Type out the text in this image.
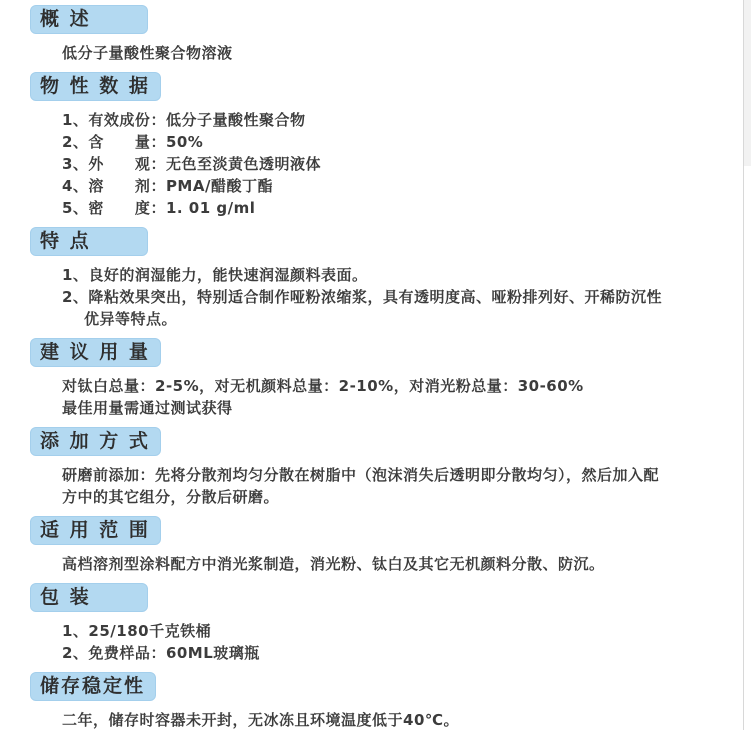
概 述

低分子量酸性聚合物溶液

物 性 数 据

1、有效成份：低分子量酸性聚合物

2、含　　量：50%

3、外　　观：无色至淡黄色透明液体

4、溶　　剂：PMA/醋酸丁酯

5、密　　度：1. 01 g/ml

特 点

1、良好的润湿能力，能快速润湿颜料表面。

2、降粘效果突出，特别适合制作哑粉浓缩浆，具有透明度高、哑粉排列好、开稀防沉性优异等特点。

建 议 用 量

对钛白总量：2-5%，对无机颜料总量：2-10%，对消光粉总量：30-60%

最佳用量需通过测试获得

添 加 方 式

研磨前添加：先将分散剂均匀分散在树脂中（泡沫消失后透明即分散均匀），然后加入配方中的其它组分，分散后研磨。

适 用 范 围

高档溶剂型涂料配方中消光浆制造，消光粉、钛白及其它无机颜料分散、防沉。

包 装

1、25/180千克铁桶

2、免费样品：60ML玻璃瓶

储存稳定性

二年，储存时容器未开封，无冰冻且环境温度低于40℃。
